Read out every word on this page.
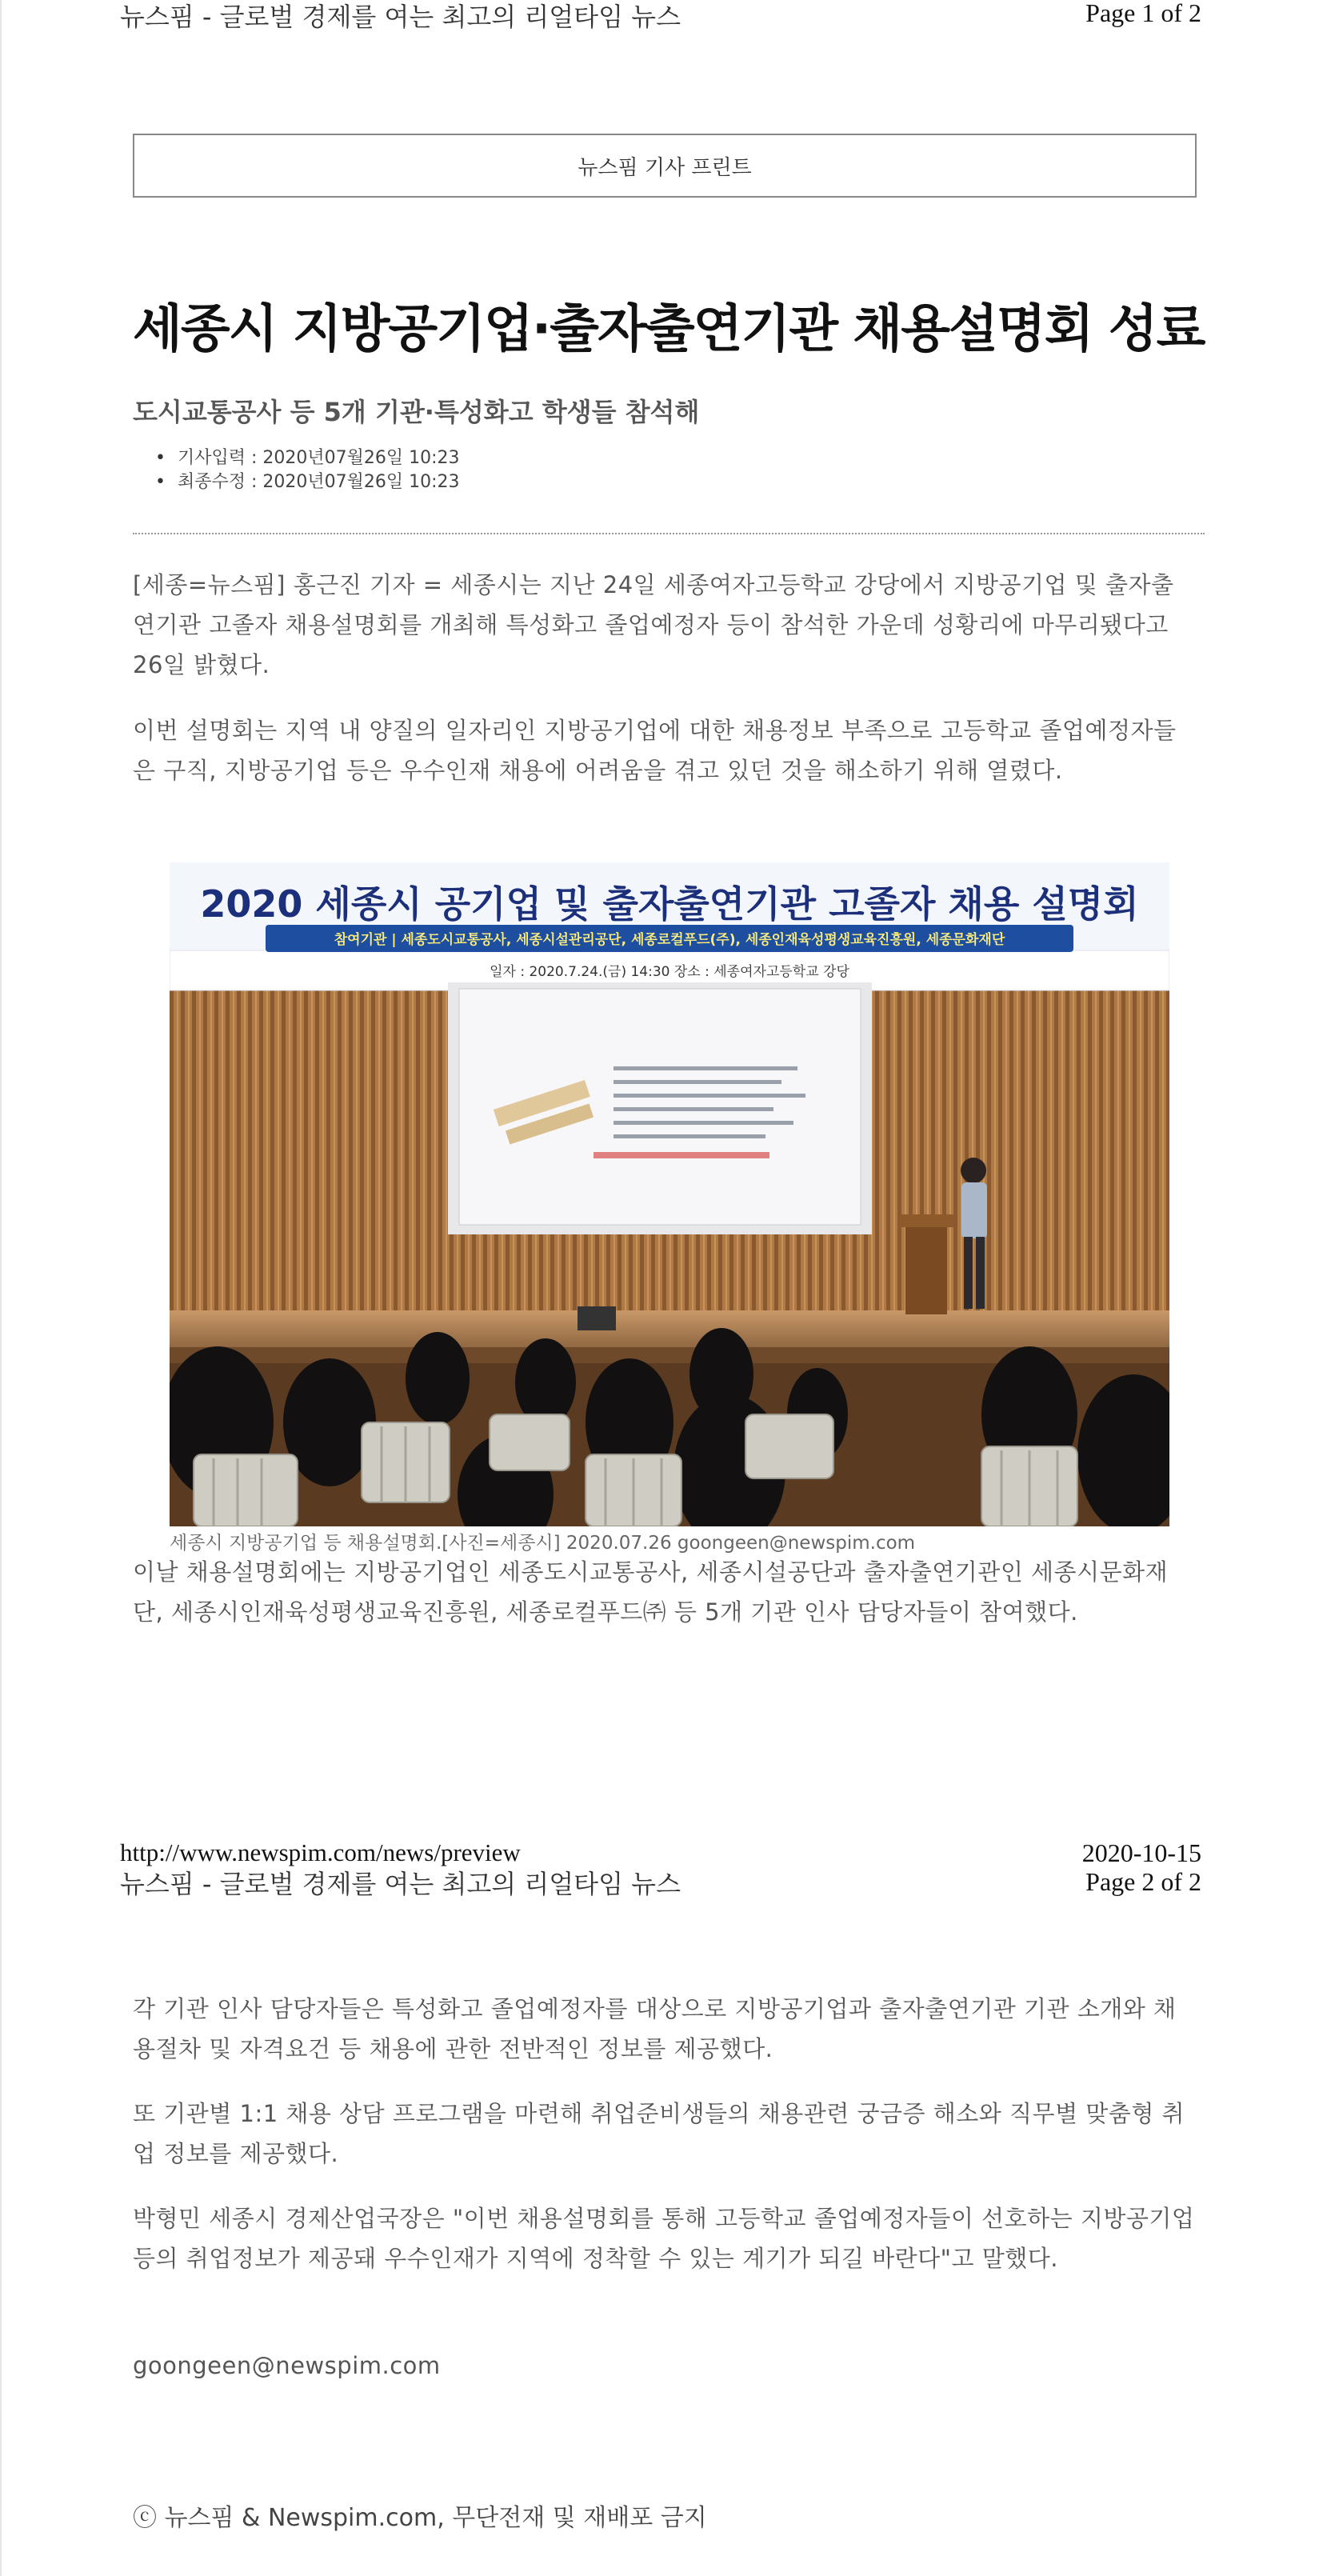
뉴스핌 - 글로벌 경제를 여는 최고의 리얼타임 뉴스	Page 1 of 2
뉴스핌 기사 프린트
세종시 지방공기업·출자출연기관 채용설명회 성료
도시교통공사 등 5개 기관·특성화고 학생들 참석해
• 기사입력 : 2020년07월26일 10:23
• 최종수정 : 2020년07월26일 10:23

[세종=뉴스핌] 홍근진 기자 = 세종시는 지난 24일 세종여자고등학교 강당에서 지방공기업 및 출자출연기관 고졸자 채용설명회를 개최해 특성화고 졸업예정자 등이 참석한 가운데 성황리에 마무리됐다고 26일 밝혔다.

이번 설명회는 지역 내 양질의 일자리인 지방공기업에 대한 채용정보 부족으로 고등학교 졸업예정자들은 구직, 지방공기업 등은 우수인재 채용에 어려움을 겪고 있던 것을 해소하기 위해 열렸다.

2020 세종시 공기업 및 출자출연기관 고졸자 채용 설명회
참여기관 | 세종도시교통공사, 세종시설관리공단, 세종로컬푸드(주), 세종인재육성평생교육진흥원, 세종문화재단
일자 : 2020.7.24.(금) 14:30 장소 : 세종여자고등학교 강당
세종시 지방공기업 등 채용설명회.[사진=세종시] 2020.07.26 goongeen@newspim.com

이날 채용설명회에는 지방공기업인 세종도시교통공사, 세종시설공단과 출자출연기관인 세종시문화재단, 세종시인재육성평생교육진흥원, 세종로컬푸드㈜ 등 5개 기관 인사 담당자들이 참여했다.

http://www.newspim.com/news/preview	2020-10-15
뉴스핌 - 글로벌 경제를 여는 최고의 리얼타임 뉴스	Page 2 of 2

각 기관 인사 담당자들은 특성화고 졸업예정자를 대상으로 지방공기업과 출자출연기관 기관 소개와 채용절차 및 자격요건 등 채용에 관한 전반적인 정보를 제공했다.

또 기관별 1:1 채용 상담 프로그램을 마련해 취업준비생들의 채용관련 궁금증 해소와 직무별 맞춤형 취업 정보를 제공했다.

박형민 세종시 경제산업국장은 "이번 채용설명회를 통해 고등학교 졸업예정자들이 선호하는 지방공기업 등의 취업정보가 제공돼 우수인재가 지역에 정착할 수 있는 계기가 되길 바란다"고 말했다.

goongeen@newspim.com

ⓒ 뉴스핌 & Newspim.com, 무단전재 및 재배포 금지
